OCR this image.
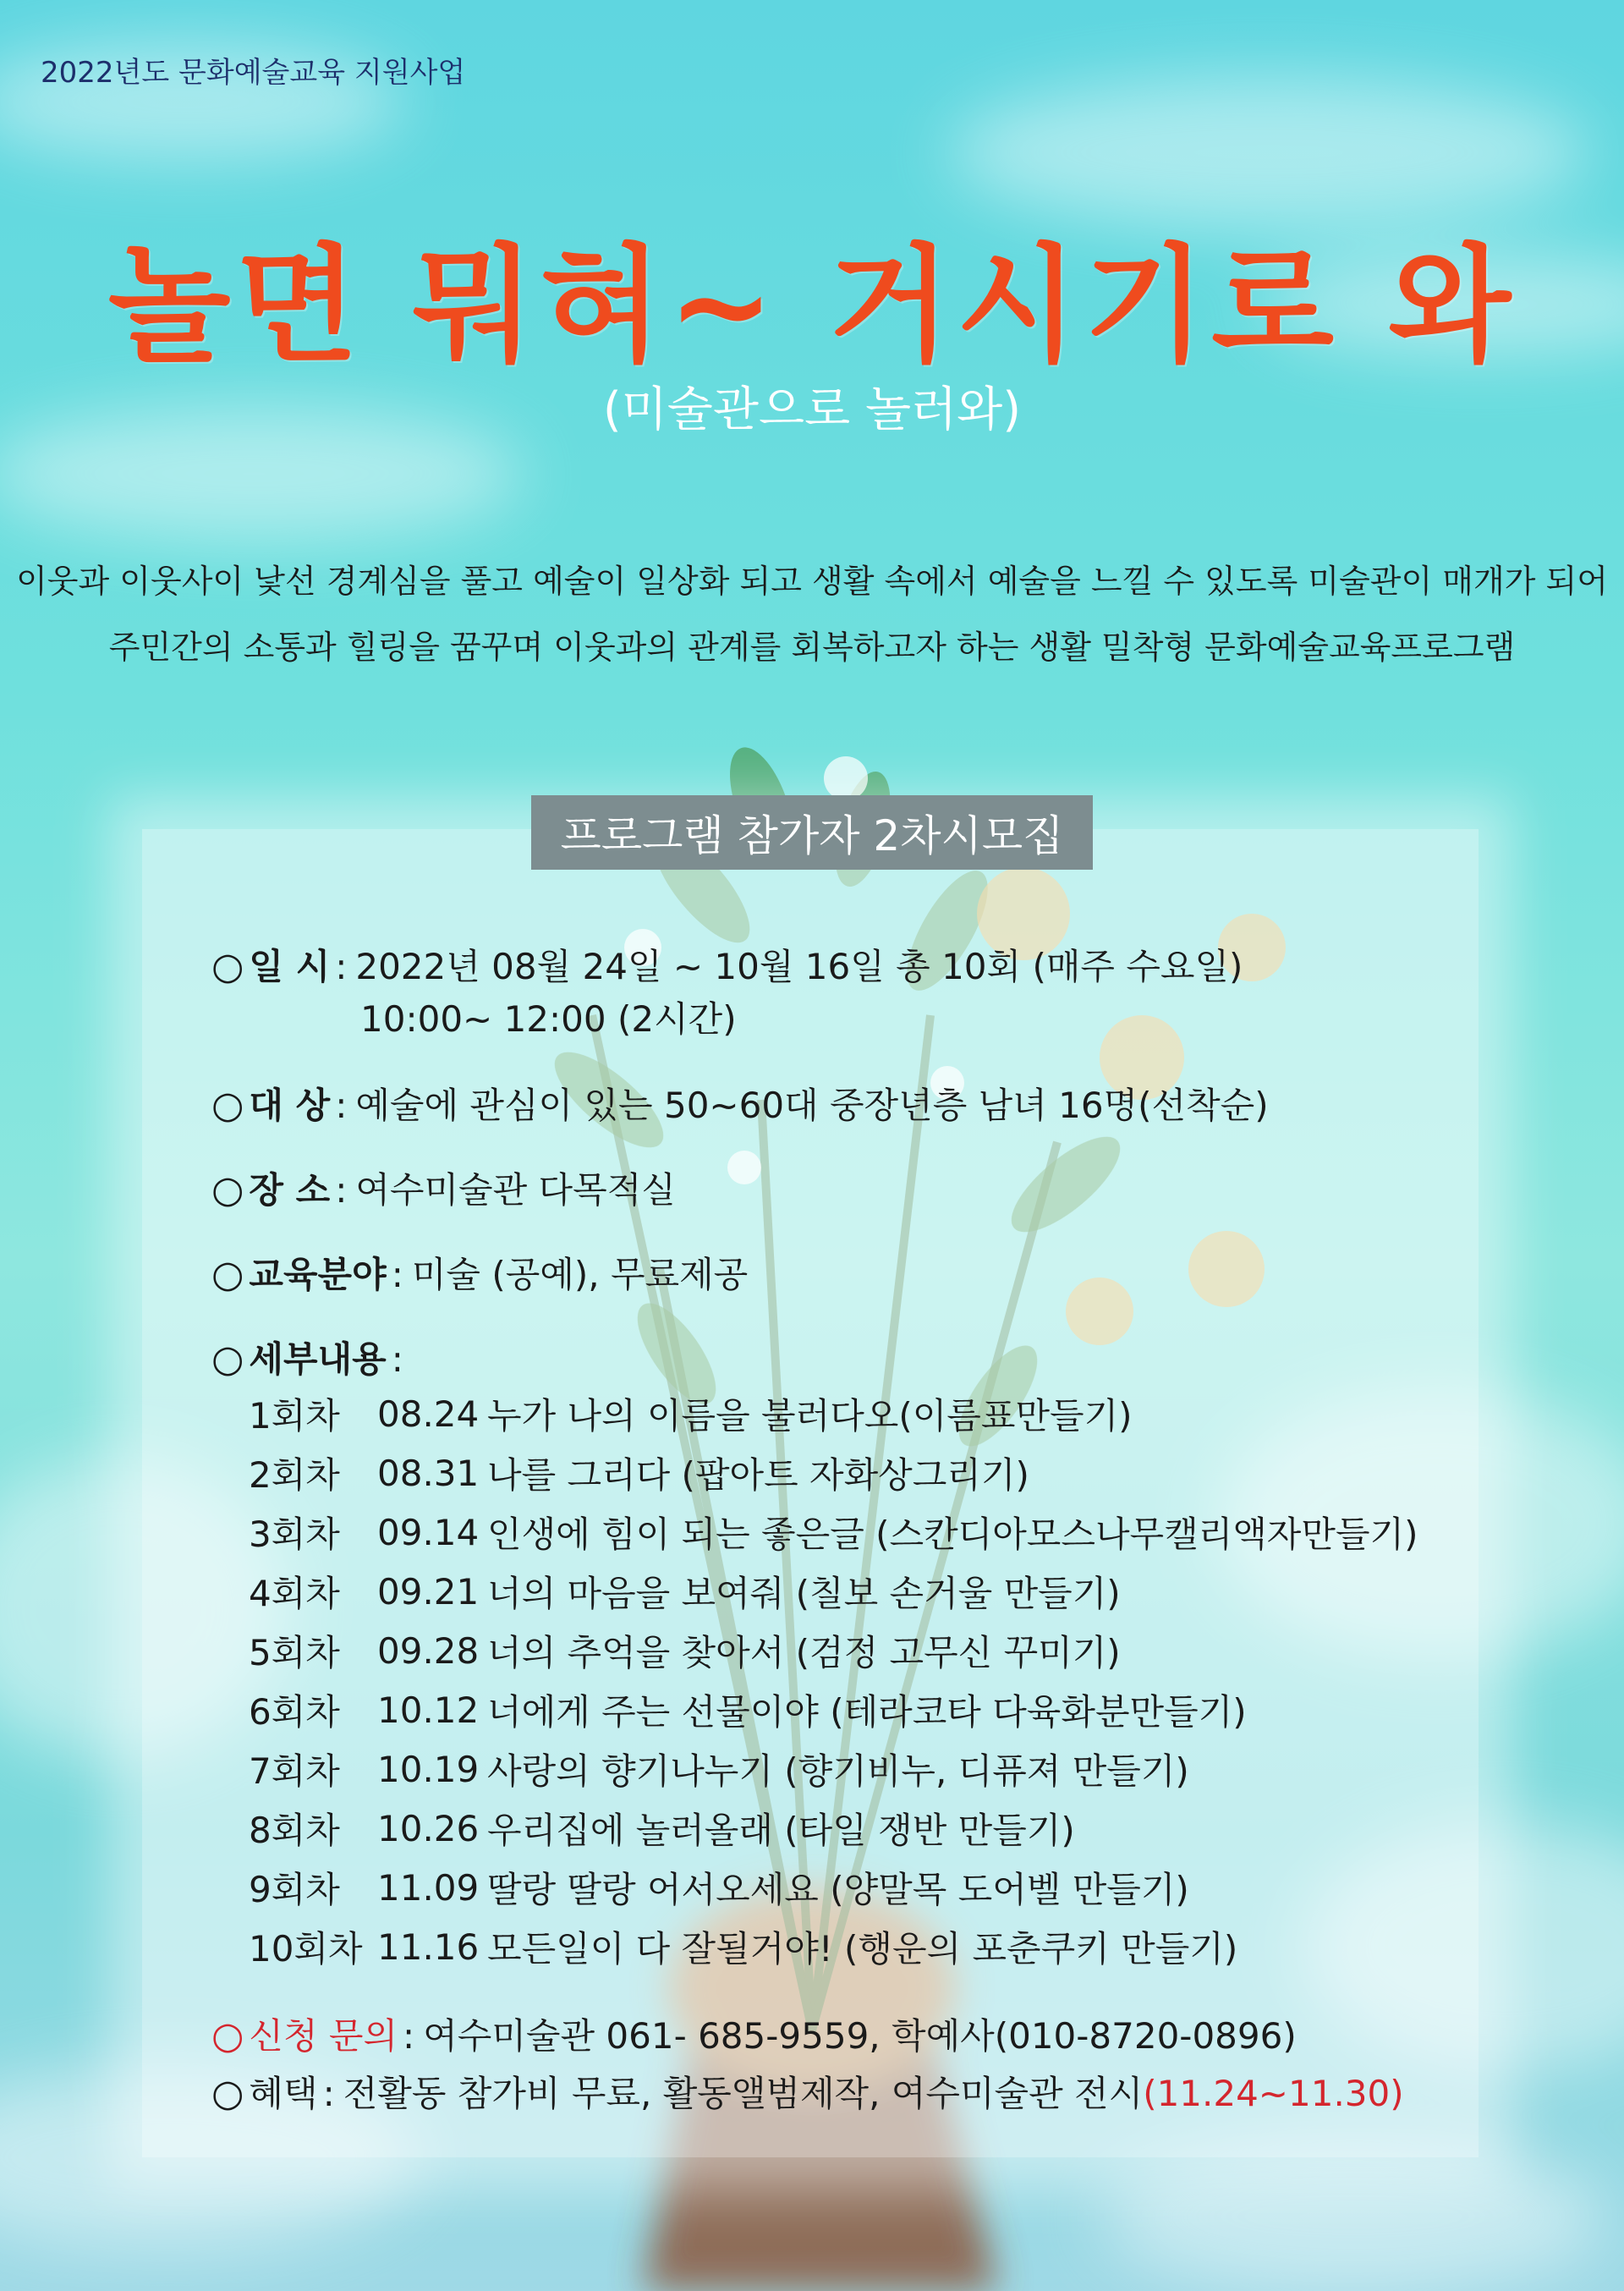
2022년도 문화예술교육 지원사업
놀면 뭐혀~ 거시기로 와
(미술관으로 놀러와)
이웃과 이웃사이 낯선 경계심을 풀고 예술이 일상화 되고 생활 속에서 예술을 느낄 수 있도록 미술관이 매개가 되어
주민간의 소통과 힐링을 꿈꾸며 이웃과의 관계를 회복하고자 하는 생활 밀착형 문화예술교육프로그램
프로그램 참가자 2차시모집
○ 일 시 : 2022년 08월 24일 ~ 10월 16일 총 10회 (매주 수요일)
10:00~ 12:00 (2시간)
○ 대 상 : 예술에 관심이 있는 50~60대 중장년층 남녀 16명(선착순)
○ 장 소 : 여수미술관 다목적실
○ 교육분야 : 미술 (공예), 무료제공
○ 세부내용 :
1회차	08.24 누가 나의 이름을 불러다오(이름표만들기)
2회차	08.31 나를 그리다 (팝아트 자화상그리기)
3회차	09.14 인생에 힘이 되는 좋은글 (스칸디아모스나무캘리액자만들기)
4회차	09.21 너의 마음을 보여줘 (칠보 손거울 만들기)
5회차	09.28 너의 추억을 찾아서 (검정 고무신 꾸미기)
6회차	10.12 너에게 주는 선물이야 (테라코타 다육화분만들기)
7회차	10.19 사랑의 향기나누기 (향기비누, 디퓨져 만들기)
8회차	10.26 우리집에 놀러올래 (타일 쟁반 만들기)
9회차	11.09 딸랑 딸랑 어서오세요 (양말목 도어벨 만들기)
10회차 11.16 모든일이 다 잘될거야! (행운의 포춘쿠키 만들기)
○ 신청 문의 : 여수미술관 061- 685-9559, 학예사(010-8720-0896)
○ 혜택 : 전활동 참가비 무료, 활동앨범제작, 여수미술관 전시 (11.24~11.30)
